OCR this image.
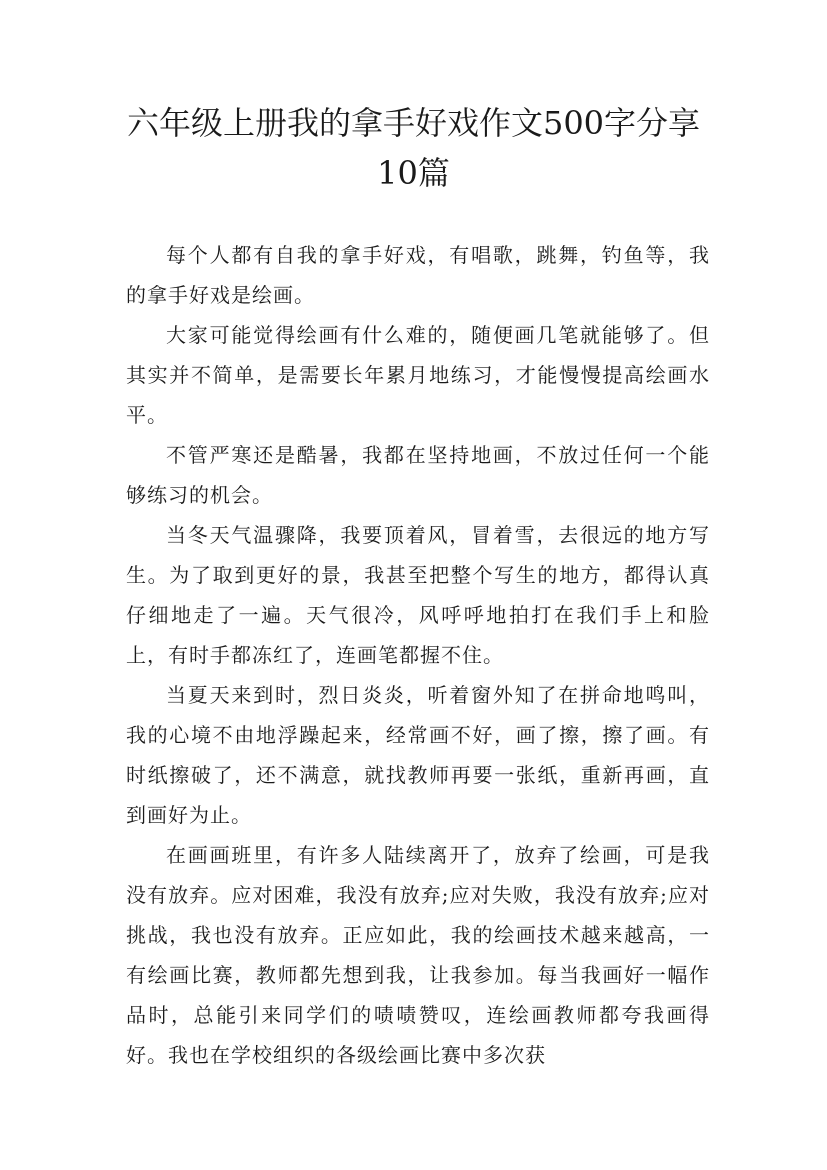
六年级上册我的拿手好戏作文500字分享
10篇

每个人都有自我的拿手好戏，有唱歌，跳舞，钓鱼等，我的拿手好戏是绘画。

大家可能觉得绘画有什么难的，随便画几笔就能够了。但其实并不简单，是需要长年累月地练习，才能慢慢提高绘画水平。

不管严寒还是酷暑，我都在坚持地画，不放过任何一个能够练习的机会。

当冬天气温骤降，我要顶着风，冒着雪，去很远的地方写生。为了取到更好的景，我甚至把整个写生的地方，都得认真仔细地走了一遍。天气很冷，风呼呼地拍打在我们手上和脸上，有时手都冻红了，连画笔都握不住。

当夏天来到时，烈日炎炎，听着窗外知了在拼命地鸣叫，我的心境不由地浮躁起来，经常画不好，画了擦，擦了画。有时纸擦破了，还不满意，就找教师再要一张纸，重新再画，直到画好为止。

在画画班里，有许多人陆续离开了，放弃了绘画，可是我没有放弃。应对困难，我没有放弃;应对失败，我没有放弃;应对挑战，我也没有放弃。正应如此，我的绘画技术越来越高，一有绘画比赛，教师都先想到我，让我参加。每当我画好一幅作品时，总能引来同学们的啧啧赞叹，连绘画教师都夸我画得好。我也在学校组织的各级绘画比赛中多次获
